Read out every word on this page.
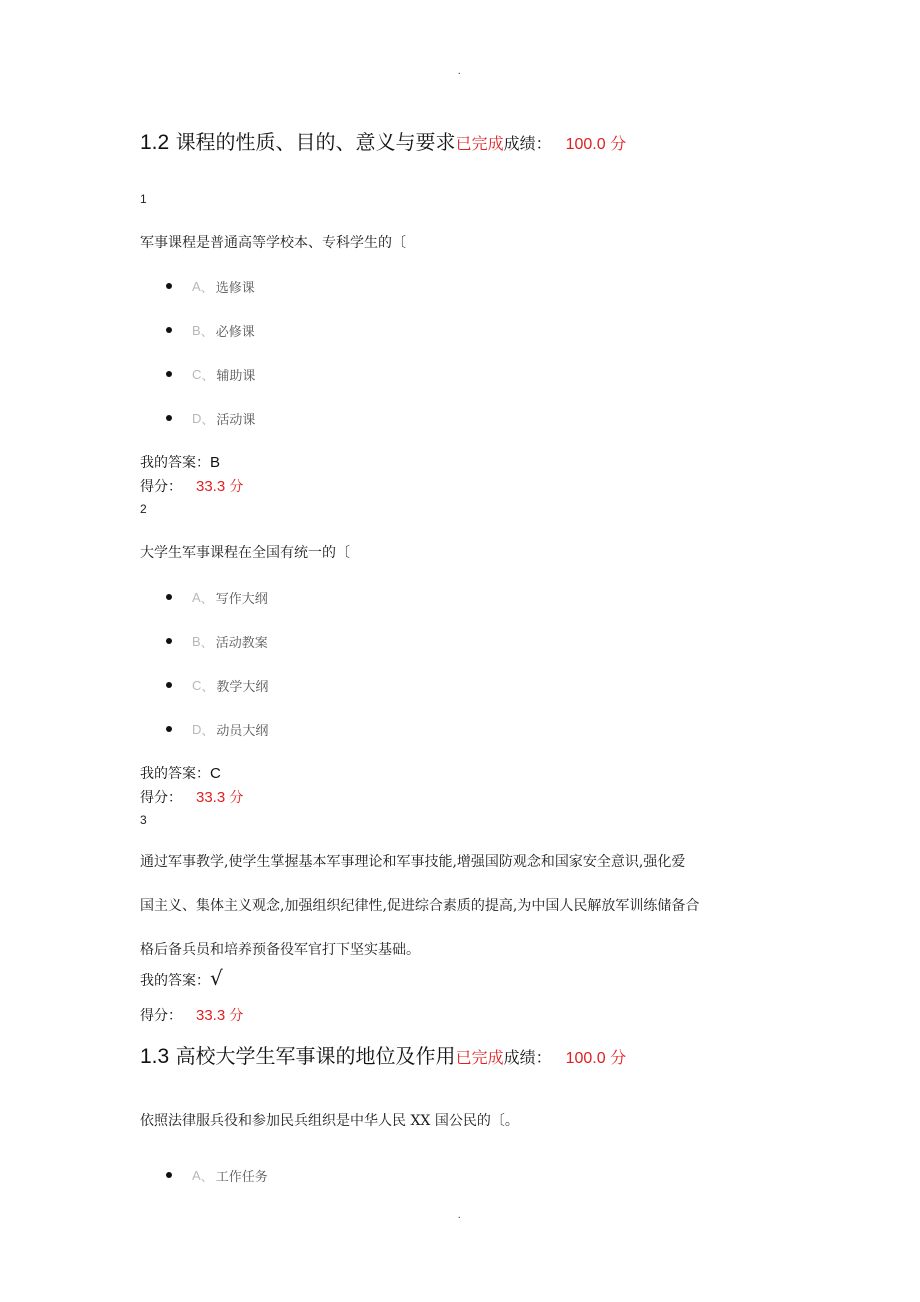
.
1.2 课程的性质、目的、意义与要求已完成成绩： 100.0 分
1
军事课程是普通高等学校本、专科学生的〔
A 、 选修课
B 、 必修课
C 、 辅助课
D 、 活动课
我的答案：B
得分： 33.3 分
2
大学生军事课程在全国有统一的〔
A 、 写作大纲
B 、 活动教案
C 、 教学大纲
D 、 动员大纲
我的答案：C
得分： 33.3 分
3
通过军事教学,使学生掌握基本军事理论和军事技能,增强国防观念和国家安全意识,强化爱
国主义、集体主义观念,加强组织纪律性,促进综合素质的提高,为中国人民解放军训练储备合
格后备兵员和培养预备役军官打下坚实基础。
我的答案：√
得分： 33.3 分
1.3 高校大学生军事课的地位及作用已完成成绩： 100.0 分
依照法律服兵役和参加民兵组织是中华人民 XX 国公民的〔。
A 、 工作任务
.
